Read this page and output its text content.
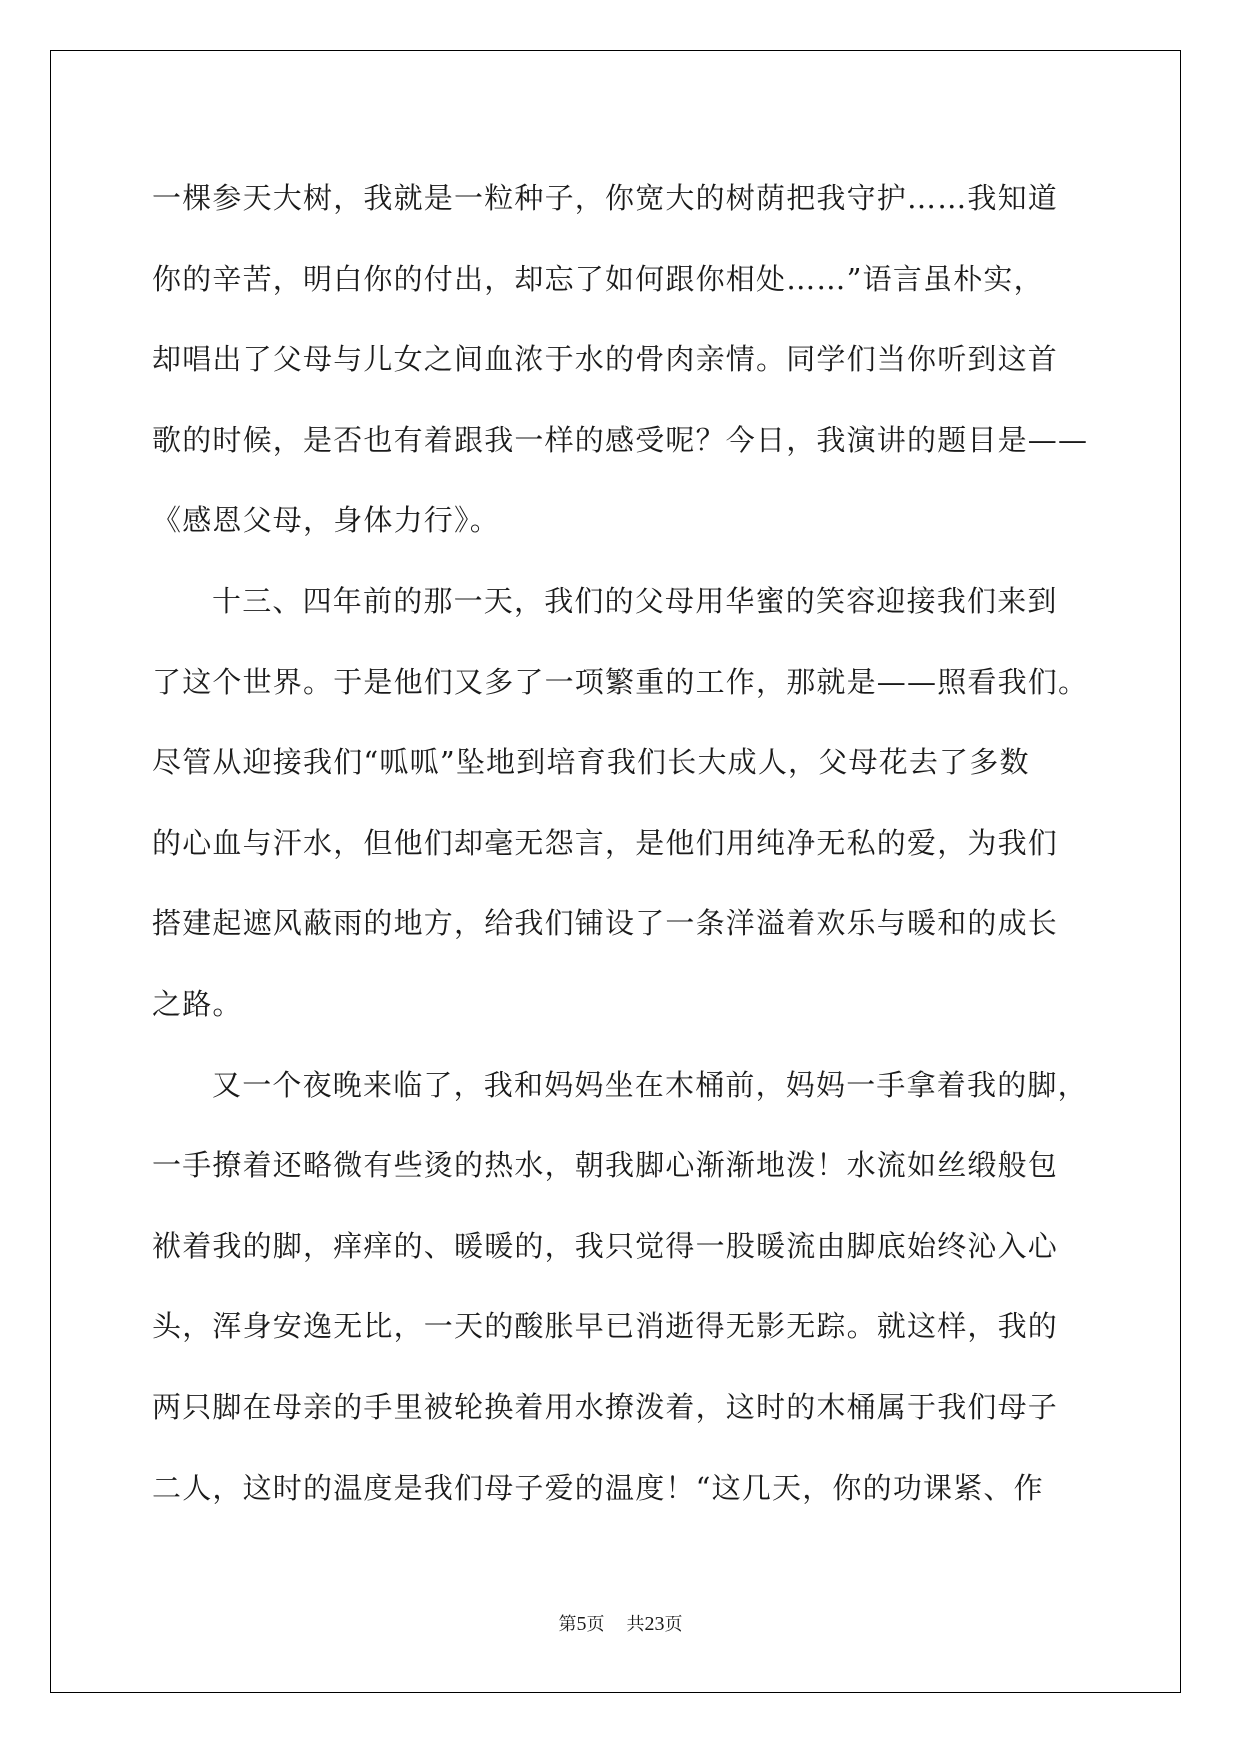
一棵参天大树，我就是一粒种子，你宽大的树荫把我守护……我知道
你的辛苦，明白你的付出，却忘了如何跟你相处……”语言虽朴实，
却唱出了父母与儿女之间血浓于水的骨肉亲情。同学们当你听到这首
歌的时候，是否也有着跟我一样的感受呢？今日，我演讲的题目是——
《感恩父母，身体力行》。
十三、四年前的那一天，我们的父母用华蜜的笑容迎接我们来到
了这个世界。于是他们又多了一项繁重的工作，那就是——照看我们。
尽管从迎接我们“呱呱”坠地到培育我们长大成人，父母花去了多数
的心血与汗水，但他们却毫无怨言，是他们用纯净无私的爱，为我们
搭建起遮风蔽雨的地方，给我们铺设了一条洋溢着欢乐与暖和的成长
之路。
又一个夜晚来临了，我和妈妈坐在木桶前，妈妈一手拿着我的脚，
一手撩着还略微有些烫的热水，朝我脚心渐渐地泼！水流如丝缎般包
袱着我的脚，痒痒的、暖暖的，我只觉得一股暖流由脚底始终沁入心
头，浑身安逸无比，一天的酸胀早已消逝得无影无踪。就这样，我的
两只脚在母亲的手里被轮换着用水撩泼着，这时的木桶属于我们母子
二人，这时的温度是我们母子爱的温度！“这几天，你的功课紧、作
第5页 共23页
